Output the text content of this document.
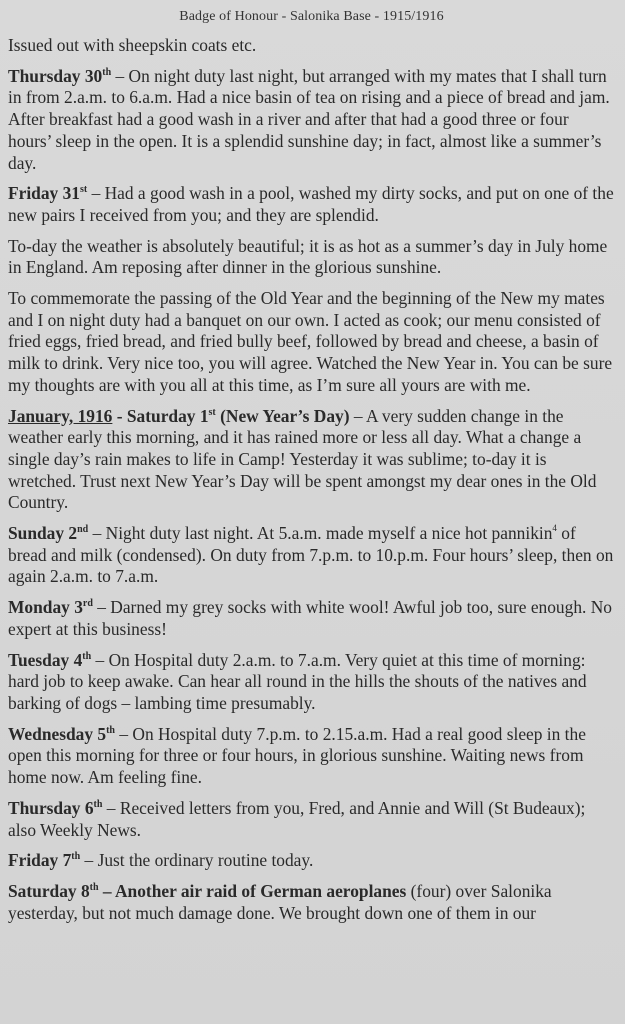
Badge of Honour - Salonika Base - 1915/1916

Issued out with sheepskin coats etc.

Thursday 30th – On night duty last night, but arranged with my mates that I shall turn in from 2.a.m. to 6.a.m. Had a nice basin of tea on rising and a piece of bread and jam. After breakfast had a good wash in a river and after that had a good three or four hours’ sleep in the open. It is a splendid sunshine day; in fact, almost like a summer’s day.

Friday 31st – Had a good wash in a pool, washed my dirty socks, and put on one of the new pairs I received from you; and they are splendid.

To-day the weather is absolutely beautiful; it is as hot as a summer’s day in July home in England. Am reposing after dinner in the glorious sunshine.

To commemorate the passing of the Old Year and the beginning of the New my mates and I on night duty had a banquet on our own. I acted as cook; our menu consisted of fried eggs, fried bread, and fried bully beef, followed by bread and cheese, a basin of milk to drink. Very nice too, you will agree. Watched the New Year in. You can be sure my thoughts are with you all at this time, as I’m sure all yours are with me.

January, 1916 - Saturday 1st (New Year’s Day) – A very sudden change in the weather early this morning, and it has rained more or less all day. What a change a single day’s rain makes to life in Camp! Yesterday it was sublime; to-day it is wretched. Trust next New Year’s Day will be spent amongst my dear ones in the Old Country.

Sunday 2nd – Night duty last night. At 5.a.m. made myself a nice hot pannikin$^4$ of bread and milk (condensed). On duty from 7.p.m. to 10.p.m. Four hours’ sleep, then on again 2.a.m. to 7.a.m.

Monday 3rd – Darned my grey socks with white wool! Awful job too, sure enough. No expert at this business!

Tuesday 4th – On Hospital duty 2.a.m. to 7.a.m. Very quiet at this time of morning: hard job to keep awake. Can hear all round in the hills the shouts of the natives and barking of dogs – lambing time presumably.

Wednesday 5th – On Hospital duty 7.p.m. to 2.15.a.m. Had a real good sleep in the open this morning for three or four hours, in glorious sunshine. Waiting news from home now. Am feeling fine.

Thursday 6th – Received letters from you, Fred, and Annie and Will (St Budeaux); also Weekly News.

Friday 7th – Just the ordinary routine today.

Saturday 8th – Another air raid of German aeroplanes (four) over Salonika yesterday, but not much damage done. We brought down one of them in our
